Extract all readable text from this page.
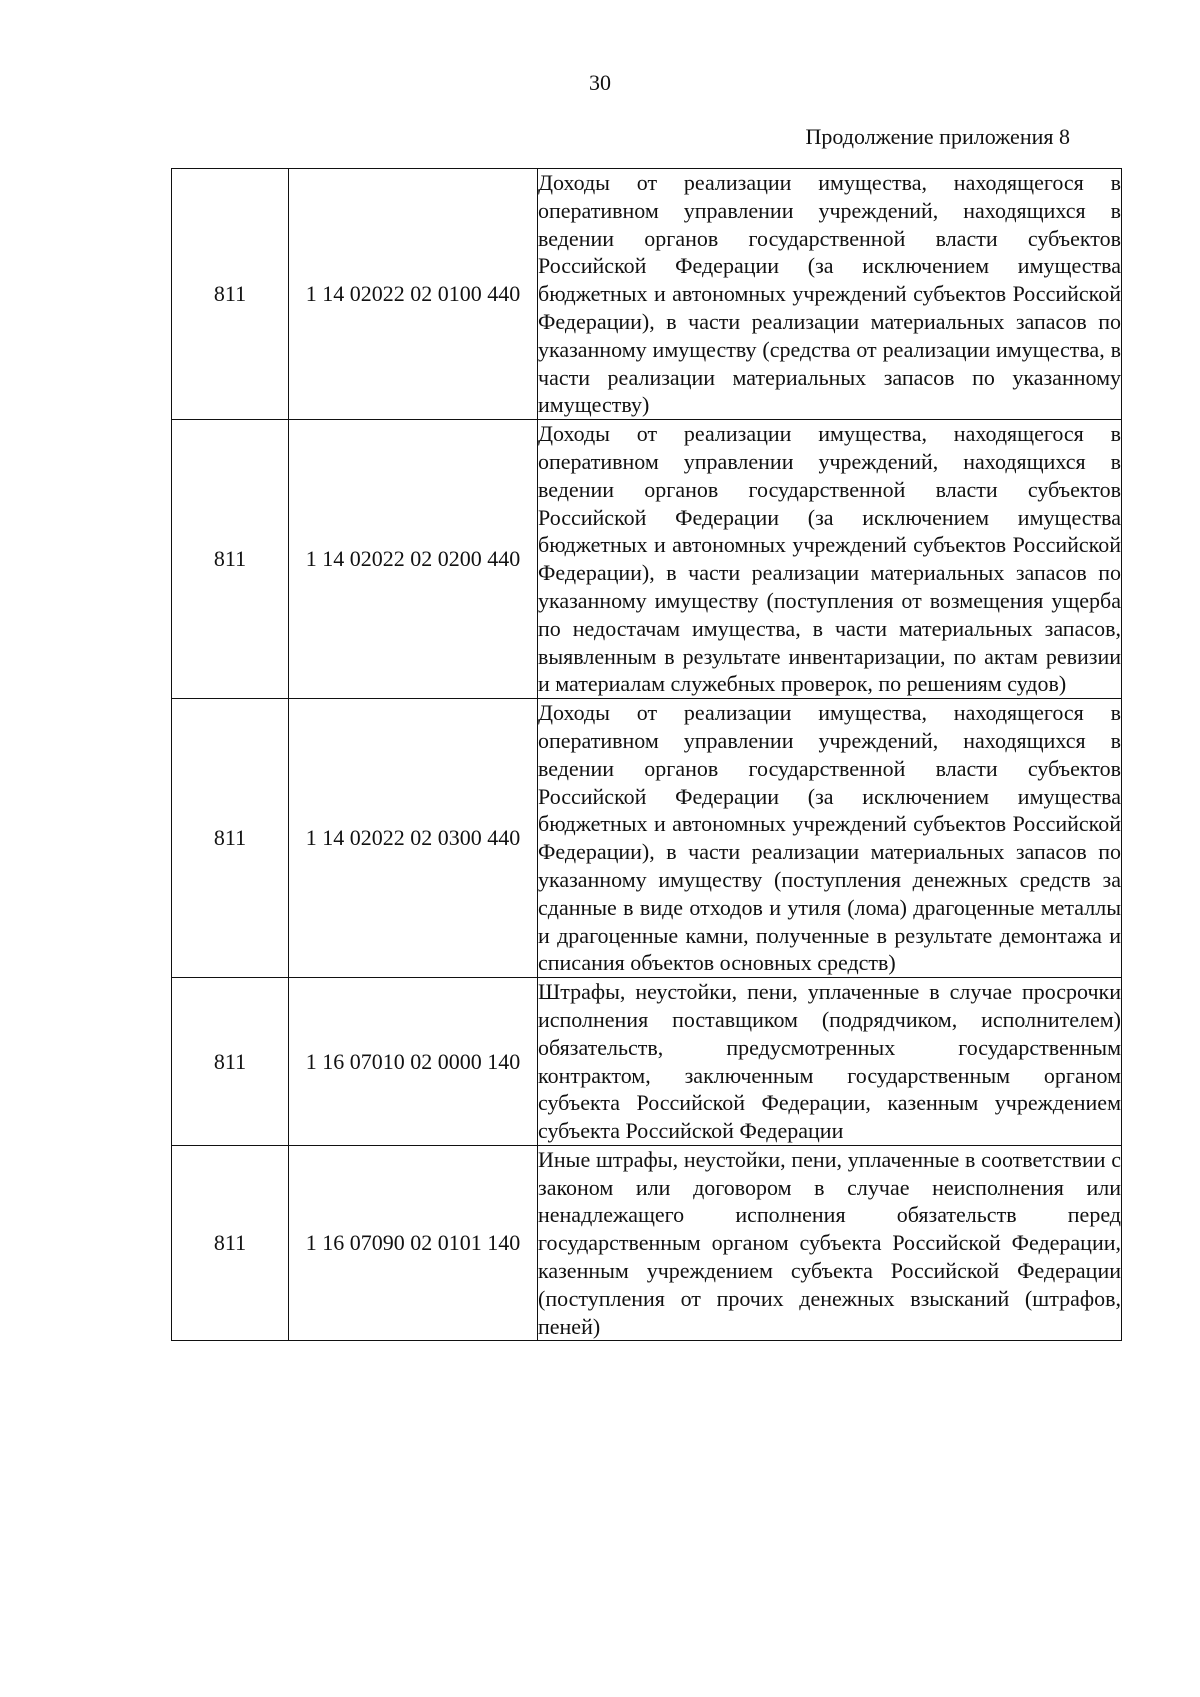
30
Продолжение приложения 8
811	1 14 02022 02 0100 440	Доходы от реализации имущества, находящегося в оперативном управлении учреждений, находящихся в ведении органов государственной власти субъектов Российской Федерации (за исключением имущества бюджетных и автономных учреждений субъектов Российской Федерации), в части реализации материальных запасов по указанному имуществу (средства от реализации имущества, в части реализации материальных запасов по указанному имуществу)
811	1 14 02022 02 0200 440	Доходы от реализации имущества, находящегося в оперативном управлении учреждений, находящихся в ведении органов государственной власти субъектов Российской Федерации (за исключением имущества бюджетных и автономных учреждений субъектов Российской Федерации), в части реализации материальных запасов по указанному имуществу (поступления от возмещения ущерба по недостачам имущества, в части материальных запасов, выявленным в результате инвентаризации, по актам ревизии и материалам служебных проверок, по решениям судов)
811	1 14 02022 02 0300 440	Доходы от реализации имущества, находящегося в оперативном управлении учреждений, находящихся в ведении органов государственной власти субъектов Российской Федерации (за исключением имущества бюджетных и автономных учреждений субъектов Российской Федерации), в части реализации материальных запасов по указанному имуществу (поступления денежных средств за сданные в виде отходов и утиля (лома) драгоценные металлы и драгоценные камни, полученные в результате демонтажа и списания объектов основных средств)
811	1 16 07010 02 0000 140	Штрафы, неустойки, пени, уплаченные в случае просрочки исполнения поставщиком (подрядчиком, исполнителем) обязательств, предусмотренных государственным контрактом, заключенным государственным органом субъекта Российской Федерации, казенным учреждением субъекта Российской Федерации
811	1 16 07090 02 0101 140	Иные штрафы, неустойки, пени, уплаченные в соответствии с законом или договором в случае неисполнения или ненадлежащего исполнения обязательств перед государственным органом субъекта Российской Федерации, казенным учреждением субъекта Российской Федерации (поступления от прочих денежных взысканий (штрафов, пеней)
